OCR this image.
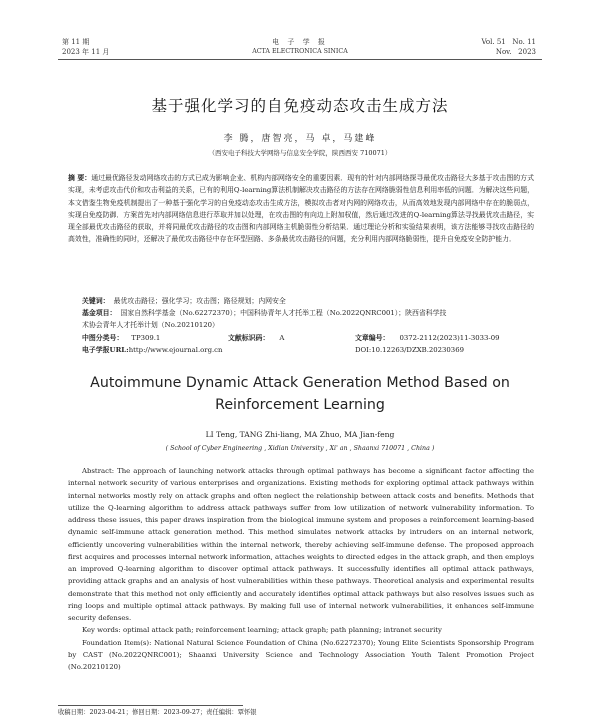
第 11 期
2023 年 11 月
电 子 学 报
ACTA ELECTRONICA SINICA
Vol. 51   No. 11
Nov.   2023
基于强化学习的自免疫动态攻击生成方法
李 腾，唐智亮，马 卓，马建峰
（西安电子科技大学网络与信息安全学院，陕西西安 710071）
摘 要：通过最优路径发动网络攻击的方式已成为影响企业、机构内部网络安全的重要因素．现有的针对内部网络探寻最优攻击路径大多基于攻击图的方式实现，未考虑攻击代价和攻击利益的关系，已有的利用Q-learning算法机制解决攻击路径的方法存在网络脆弱性信息利用率低的问题．为解决这些问题，本文借鉴生物免疫机制提出了一种基于强化学习的自免疫动态攻击生成方法，模拟攻击者对内网的网络攻击，从而高效地发现内部网络中存在的脆弱点，实现自免疫防御．方案首先对内部网络信息进行萃取并加以处理，在攻击图的有向边上附加权值，然后通过改进的Q-learning算法寻找最优攻击路径，实现全部最优攻击路径的获取，并将同最优攻击路径的攻击图和内部网络主机脆弱性分析结果．通过理论分析和实验结果表明，该方法能够寻找攻击路径的高效性，准确性的同时，还解决了最优攻击路径中存在环型回路、多条最优攻击路径的问题，充分利用内部网络脆弱性，提升自免疫安全防护能力．
关键词： 最优攻击路径；强化学习；攻击图；路径规划；内网安全
基金项目： 国家自然科学基金（No.62272370）；中国科协青年人才托举工程（No.2022QNRC001）；陕西省科学技
术协会青年人才托举计划（No.20210120）
中图分类号： TP309.1	文献标识码： A	文章编号： 0372-2112(2023)11-3033-09
电子学报URL:http://www.ejournal.org.cn	DOI:10.12263/DZXB.20230369
Autoimmune Dynamic Attack Generation Method Based on
Reinforcement Learning
LI Teng, TANG Zhi-liang, MA Zhuo, MA Jian-feng
( School of Cyber Engineering , Xidian University , Xi' an , Shaanxi 710071 , China )
Abstract: The approach of launching network attacks through optimal pathways has become a significant factor affecting the internal network security of various enterprises and organizations. Existing methods for exploring optimal attack pathways within internal networks mostly rely on attack graphs and often neglect the relationship between attack costs and benefits. Methods that utilize the Q-learning algorithm to address attack pathways suffer from low utilization of network vulnerability information. To address these issues, this paper draws inspiration from the biological immune system and proposes a reinforcement learning-based dynamic self-immune attack generation method. This method simulates network attacks by intruders on an internal network, efficiently uncovering vulnerabilities within the internal network, thereby achieving self-immune defense. The proposed approach first acquires and processes internal network information, attaches weights to directed edges in the attack graph, and then employs an improved Q-learning algorithm to discover optimal attack pathways. It successfully identifies all optimal attack pathways, providing attack graphs and an analysis of host vulnerabilities within these pathways. Theoretical analysis and experimental results demonstrate that this method not only efficiently and accurately identifies optimal attack pathways but also resolves issues such as ring loops and multiple optimal attack pathways. By making full use of internal network vulnerabilities, it enhances self-immune security defenses.
Key words: optimal attack path; reinforcement learning; attack graph; path planning; intranet security
Foundation Item(s): National Natural Science Foundation of China (No.62272370); Young Elite Scientists Sponsorship Program by CAST (No.2022QNRC001); Shaanxi University Science and Technology Association Youth Talent Promotion Project (No.20210120)
收稿日期：2023-04-21；修回日期：2023-09-27；责任编辑：覃怀银
